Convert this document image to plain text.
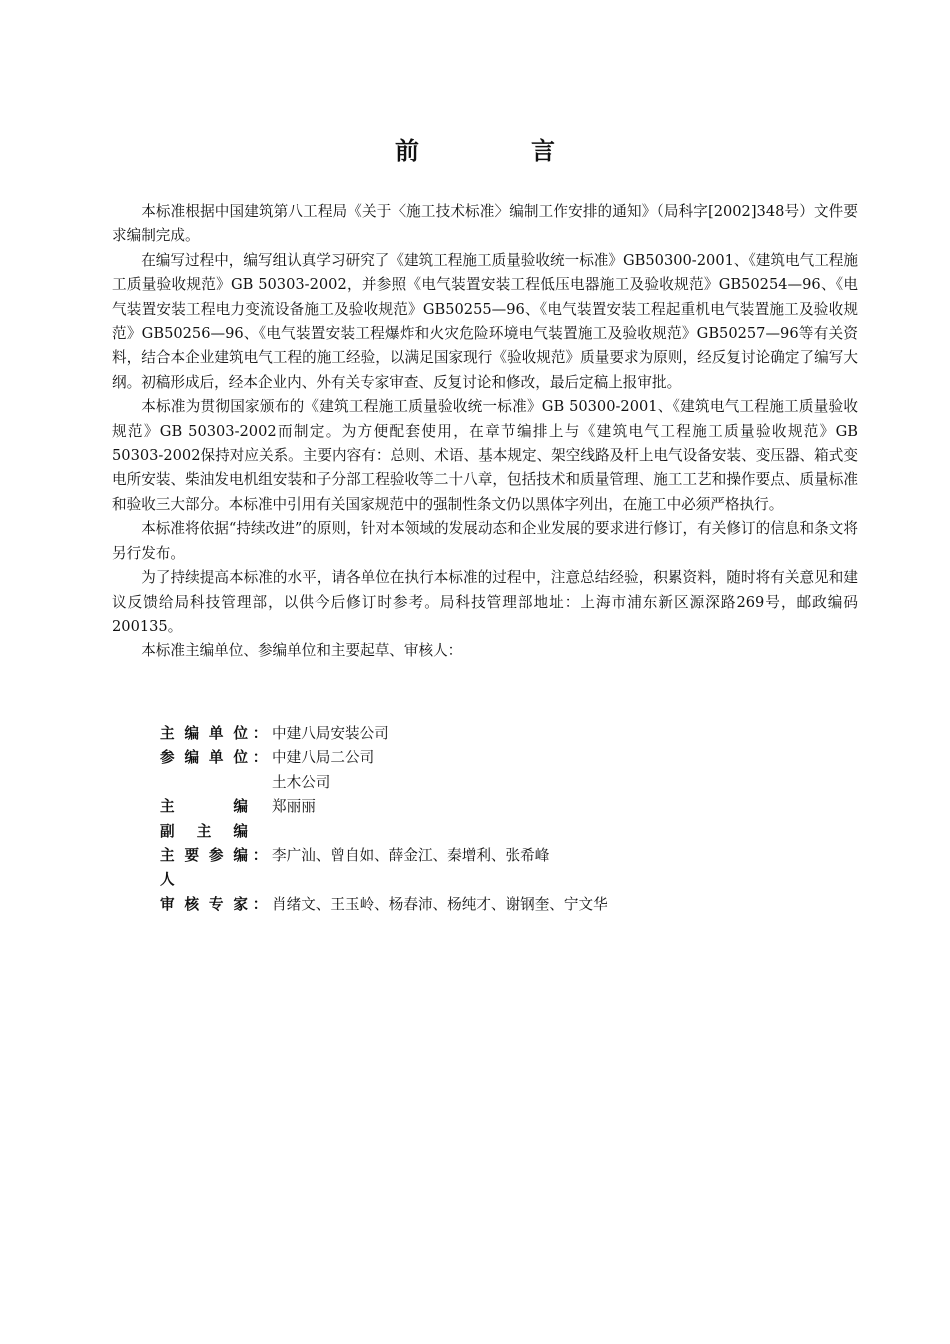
前　言

本标准根据中国建筑第八工程局《关于〈施工技术标准〉编制工作安排的通知》（局科字[2002]348号）文件要求编制完成。

在编写过程中，编写组认真学习研究了《建筑工程施工质量验收统一标准》GB50300-2001、《建筑电气工程施工质量验收规范》GB 50303-2002，并参照《电气装置安装工程低压电器施工及验收规范》GB50254—96、《电气装置安装工程电力变流设备施工及验收规范》GB50255—96、《电气装置安装工程起重机电气装置施工及验收规范》GB50256—96、《电气装置安装工程爆炸和火灾危险环境电气装置施工及验收规范》GB50257—96等有关资料，结合本企业建筑电气工程的施工经验，以满足国家现行《验收规范》质量要求为原则，经反复讨论确定了编写大纲。初稿形成后，经本企业内、外有关专家审查、反复讨论和修改，最后定稿上报审批。

本标准为贯彻国家颁布的《建筑工程施工质量验收统一标准》GB 50300-2001、《建筑电气工程施工质量验收规范》GB 50303-2002而制定。为方便配套使用，在章节编排上与《建筑电气工程施工质量验收规范》GB 50303-2002保持对应关系。主要内容有：总则、术语、基本规定、架空线路及杆上电气设备安装、变压器、箱式变电所安装、柴油发电机组安装和子分部工程验收等二十八章，包括技术和质量管理、施工工艺和操作要点、质量标准和验收三大部分。本标准中引用有关国家规范中的强制性条文仍以黑体字列出，在施工中必须严格执行。

本标准将依据“持续改进”的原则，针对本领域的发展动态和企业发展的要求进行修订，有关修订的信息和条文将另行发布。

为了持续提高本标准的水平，请各单位在执行本标准的过程中，注意总结经验，积累资料，随时将有关意见和建议反馈给局科技管理部，以供今后修订时参考。局科技管理部地址：上海市浦东新区源深路269号，邮政编码200135。

本标准主编单位、参编单位和主要起草、审核人：

主编单位 ： 中建八局安装公司
参编单位 ： 中建八局二公司
土木公司
主编 郑丽丽
副主编
主要参编
人
： 李广汕、曾自如、薛金江、秦增利、张希峰
审核专家 ： 肖绪文、王玉岭、杨春沛、杨纯才、谢钢奎、宁文华
